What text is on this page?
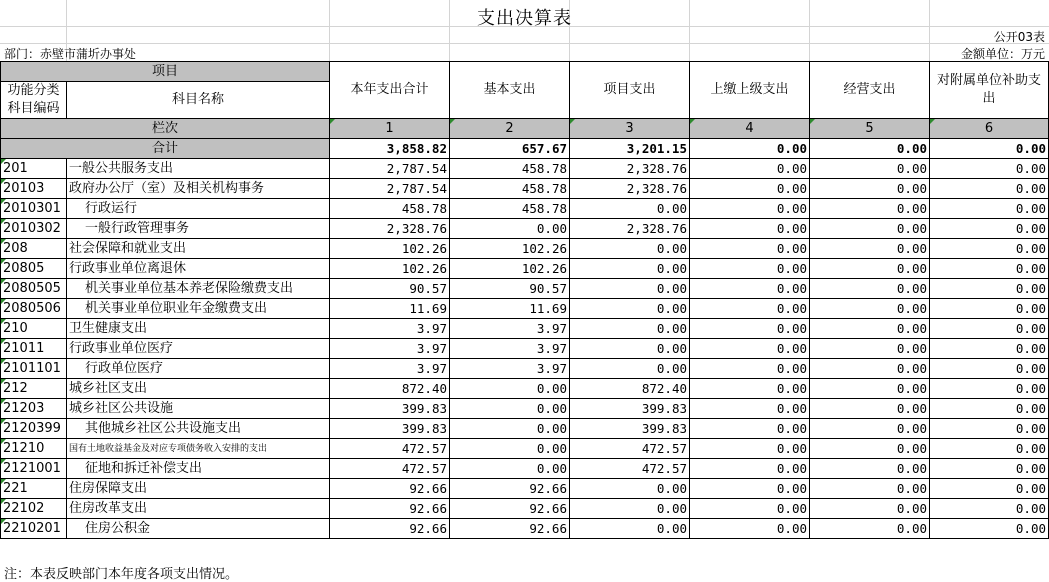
支出决算表
公开03表
部门：赤壁市蒲圻办事处	金额单位：万元
项目		本年支出合计	基本支出	项目支出	上缴上级支出	经营支出	对附属单位补助支出
功能分类科目编码	科目名称						
栏次		1	2	3	4	5	6
合计		3,858.82	657.67	3,201.15	0.00	0.00	0.00
201	一般公共服务支出	2,787.54	458.78	2,328.76	0.00	0.00	0.00
20103	政府办公厅（室）及相关机构事务	2,787.54	458.78	2,328.76	0.00	0.00	0.00
2010301	行政运行	458.78	458.78	0.00	0.00	0.00	0.00
2010302	一般行政管理事务	2,328.76	0.00	2,328.76	0.00	0.00	0.00
208	社会保障和就业支出	102.26	102.26	0.00	0.00	0.00	0.00
20805	行政事业单位离退休	102.26	102.26	0.00	0.00	0.00	0.00
2080505	机关事业单位基本养老保险缴费支出	90.57	90.57	0.00	0.00	0.00	0.00
2080506	机关事业单位职业年金缴费支出	11.69	11.69	0.00	0.00	0.00	0.00
210	卫生健康支出	3.97	3.97	0.00	0.00	0.00	0.00
21011	行政事业单位医疗	3.97	3.97	0.00	0.00	0.00	0.00
2101101	行政单位医疗	3.97	3.97	0.00	0.00	0.00	0.00
212	城乡社区支出	872.40	0.00	872.40	0.00	0.00	0.00
21203	城乡社区公共设施	399.83	0.00	399.83	0.00	0.00	0.00
2120399	其他城乡社区公共设施支出	399.83	0.00	399.83	0.00	0.00	0.00
21210	国有土地收益基金及对应专项债务收入安排的支出	472.57	0.00	472.57	0.00	0.00	0.00
2121001	征地和拆迁补偿支出	472.57	0.00	472.57	0.00	0.00	0.00
221	住房保障支出	92.66	92.66	0.00	0.00	0.00	0.00
22102	住房改革支出	92.66	92.66	0.00	0.00	0.00	0.00
2210201	住房公积金	92.66	92.66	0.00	0.00	0.00	0.00
注：本表反映部门本年度各项支出情况。
